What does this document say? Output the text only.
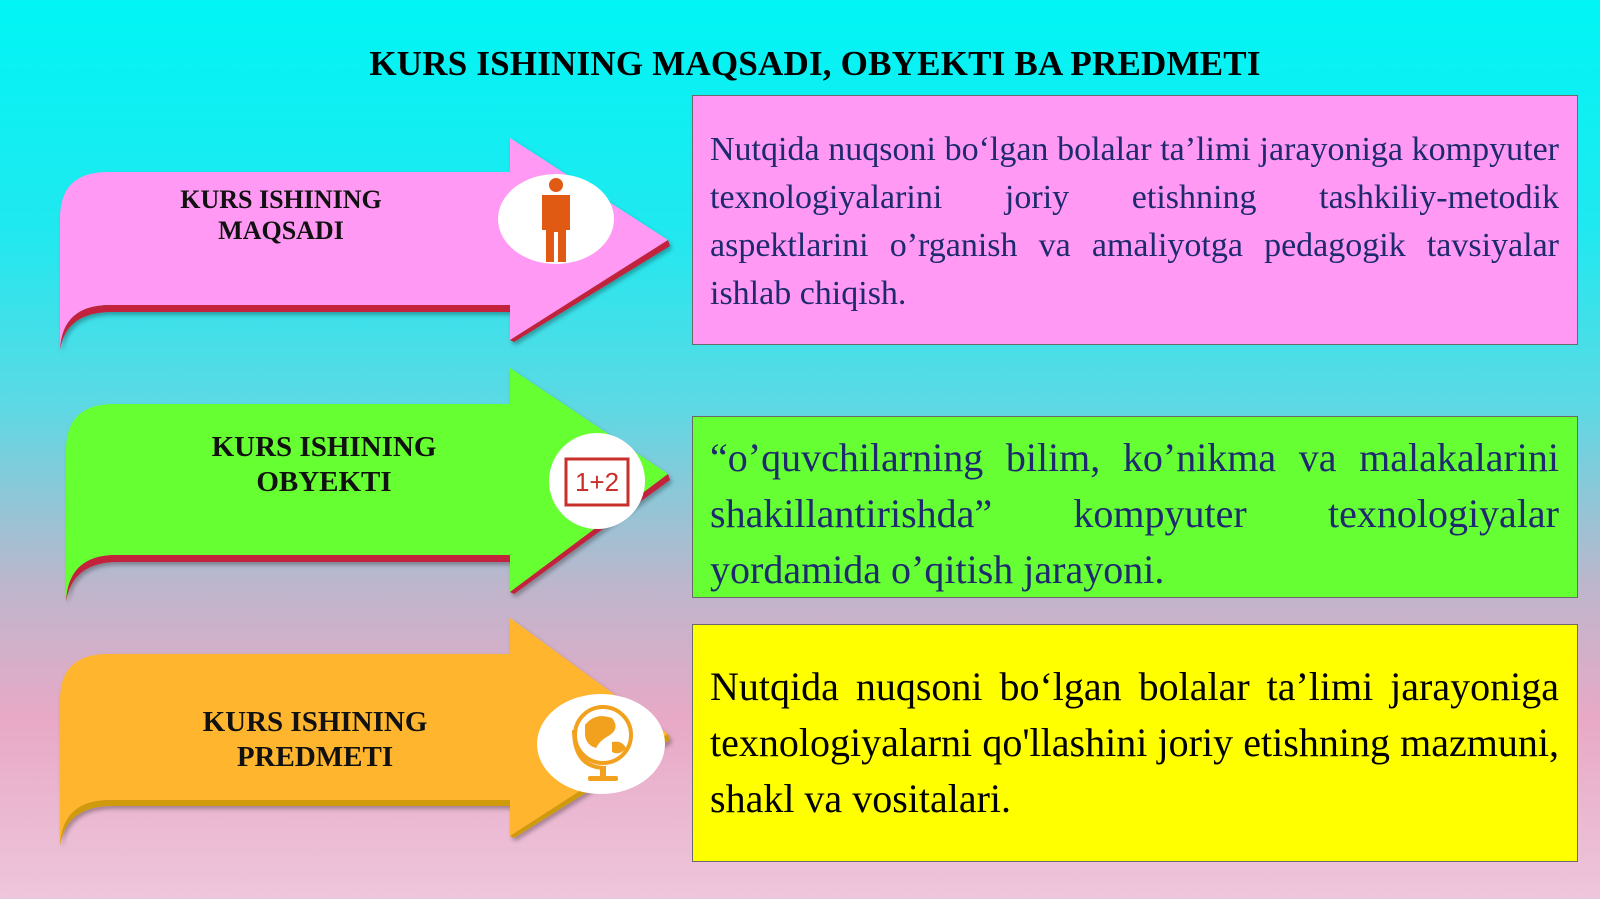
KURS ISHINING MAQSADI, OBYEKTI BA PREDMETI
1+2
KURS ISHINING MAQSADI
KURS ISHINING OBYEKTI
KURS ISHINING PREDMETI

Nutqida nuqsoni bo‘lgan bolalar ta’limi jarayoniga kompyuter texnologiyalarini joriy etishning tashkiliy-metodik aspektlarini o’rganish va amaliyotga pedagogik tavsiyalar ishlab chiqish.

“o’quvchilarning bilim, ko’nikma va malakalarini shakillantirishda” kompyuter texnologiyalar yordamida o’qitish jarayoni.

Nutqida nuqsoni bo‘lgan bolalar ta’limi jarayoniga texnologiyalarni qo'llashini joriy etishning mazmuni, shakl va vositalari.
